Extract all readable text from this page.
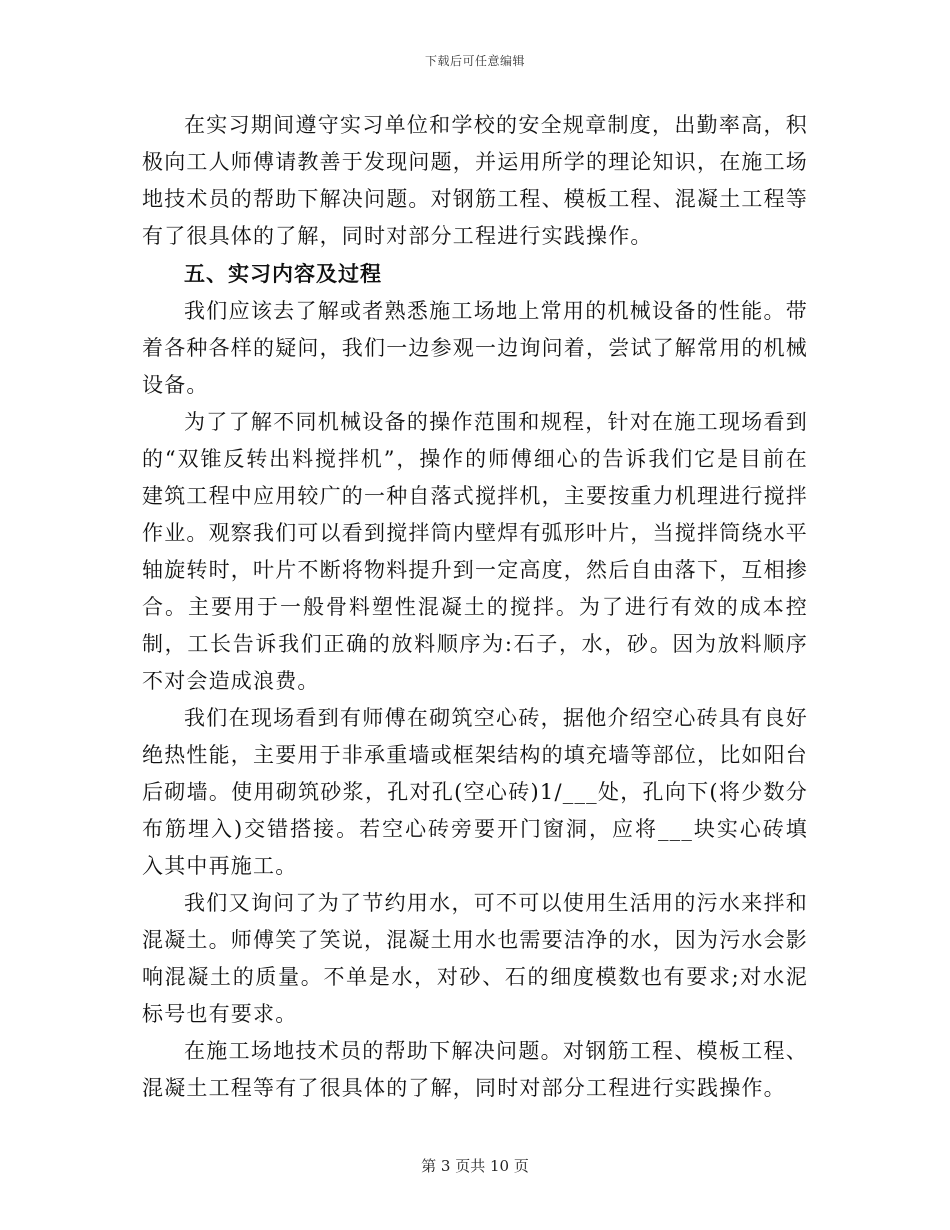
下载后可任意编辑

在实习期间遵守实习单位和学校的安全规章制度，出勤率高，积极向工人师傅请教善于发现问题，并运用所学的理论知识，在施工场地技术员的帮助下解决问题。对钢筋工程、模板工程、混凝土工程等有了很具体的了解，同时对部分工程进行实践操作。

五、实习内容及过程

我们应该去了解或者熟悉施工场地上常用的机械设备的性能。带着各种各样的疑问，我们一边参观一边询问着，尝试了解常用的机械设备。

为了了解不同机械设备的操作范围和规程，针对在施工现场看到的“双锥反转出料搅拌机”，操作的师傅细心的告诉我们它是目前在建筑工程中应用较广的一种自落式搅拌机，主要按重力机理进行搅拌作业。观察我们可以看到搅拌筒内壁焊有弧形叶片，当搅拌筒绕水平轴旋转时，叶片不断将物料提升到一定高度，然后自由落下，互相掺合。主要用于一般骨料塑性混凝土的搅拌。为了进行有效的成本控制，工长告诉我们正确的放料顺序为:石子，水，砂。因为放料顺序不对会造成浪费。

我们在现场看到有师傅在砌筑空心砖，据他介绍空心砖具有良好绝热性能，主要用于非承重墙或框架结构的填充墙等部位，比如阳台后砌墙。使用砌筑砂浆，孔对孔(空心砖)1/___处，孔向下(将少数分布筋埋入)交错搭接。若空心砖旁要开门窗洞，应将___块实心砖填入其中再施工。

我们又询问了为了节约用水，可不可以使用生活用的污水来拌和混凝土。师傅笑了笑说，混凝土用水也需要洁净的水，因为污水会影响混凝土的质量。不单是水，对砂、石的细度模数也有要求;对水泥标号也有要求。

在施工场地技术员的帮助下解决问题。对钢筋工程、模板工程、混凝土工程等有了很具体的了解，同时对部分工程进行实践操作。

第 3 页共 10 页
